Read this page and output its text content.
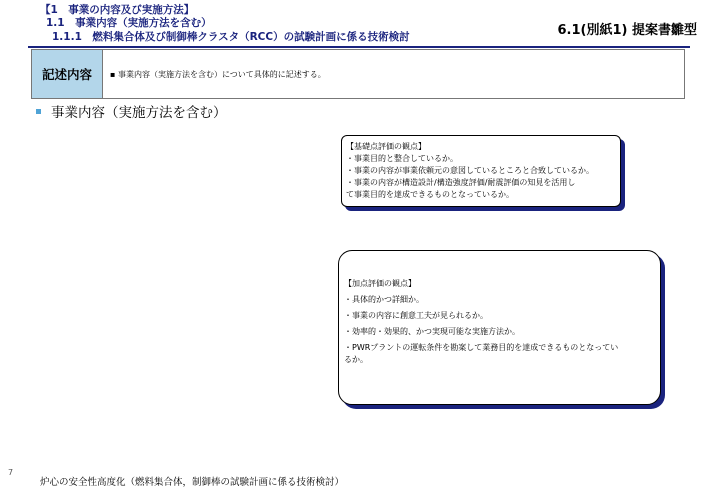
【1　事業の内容及び実施方法】
1.1　事業内容（実施方法を含む）
1.1.1　燃料集合体及び制御棒クラスタ（RCC）の試験計画に係る技術検討	6.1(別紙1) 提案書雛型
記述内容	▪ 事業内容（実施方法を含む）について具体的に記述する。
事業内容（実施方法を含む）
【基礎点評価の観点】
・事業目的と整合しているか。
・事業の内容が事業依頼元の意図しているところと合致しているか。
・事業の内容が構造設計/構造強度評価/耐震評価の知見を活用し
て事業目的を達成できるものとなっているか。
【加点評価の観点】
・具体的かつ詳細か。
・事業の内容に創意工夫が見られるか。
・効率的・効果的、かつ実現可能な実施方法か。
・PWRプラントの運転条件を勘案して業務目的を達成できるものとなってい
るか。
7
炉心の安全性高度化（燃料集合体，制御棒の試験計画に係る技術検討）
